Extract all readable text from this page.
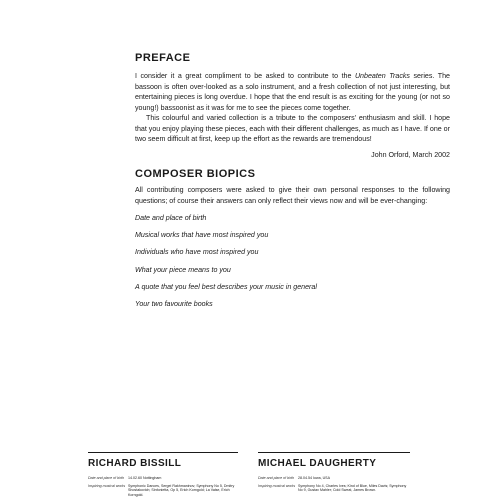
PREFACE

I consider it a great compliment to be asked to contribute to the Unbeaten Tracks series. The bassoon is often over-looked as a solo instrument, and a fresh collection of not just interesting, but entertaining pieces is long overdue. I hope that the end result is as exciting for the young (or not so young!) bassoonist as it was for me to see the pieces come together.

This colourful and varied collection is a tribute to the composers' enthusiasm and skill. I hope that you enjoy playing these pieces, each with their different challenges, as much as I have. If one or two seem difficult at first, keep up the effort as the rewards are tremendous!

John Orford, March 2002

COMPOSER BIOPICS

All contributing composers were asked to give their own personal responses to the following questions; of course their answers can only reflect their views now and will be ever-changing:

Date and place of birth
Musical works that have most inspired you
Individuals who have most inspired you
What your piece means to you
A quote that you feel best describes your music in general
Your two favourite books
RICHARD BISSILL
Date and place of birth	14.02.60 Nottingham
Inspiring musical works Symphonic Dances, Sergei Rakhmaninov; Symphony No 5, Dmitry Shostakovich; Sinfonietta, Op 5, Erich Korngold; La Valse, Erich Korngold.
MICHAEL DAUGHERTY
Date and place of birth	28.04.54 Iowa, USA
Inspiring musical works Symphony No 4, Charles Ives; Kind of Blue, Miles Davis; Symphony No 9, Gustav Mahler; Cold Sweat, James Brown.
